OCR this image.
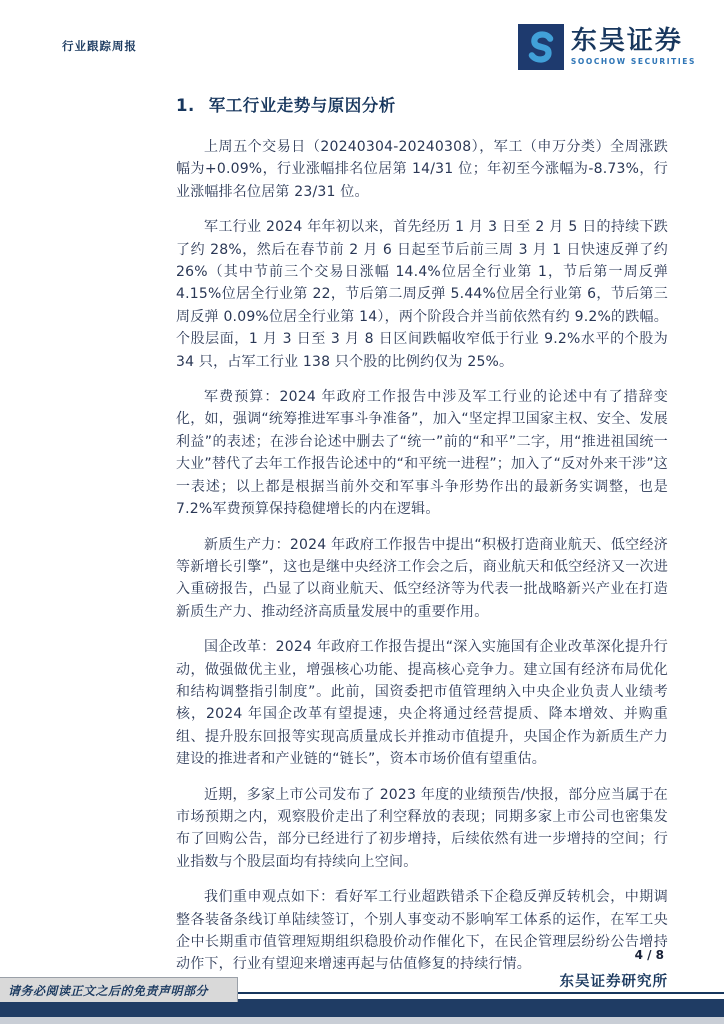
行业跟踪周报	东吴证券
SOOCHOW SECURITIES
1. 军工行业走势与原因分析

上周五个交易日（20240304-20240308），军工（申万分类）全周涨跌幅为+0.09%，行业涨幅排名位居第 14/31 位；年初至今涨幅为-8.73%，行业涨幅排名位居第 23/31 位。

军工行业 2024 年年初以来，首先经历 1 月 3 日至 2 月 5 日的持续下跌了约 28%，然后在春节前 2 月 6 日起至节后前三周 3 月 1 日快速反弹了约 26%（其中节前三个交易日涨幅 14.4%位居全行业第 1，节后第一周反弹 4.15%位居全行业第 22，节后第二周反弹 5.44%位居全行业第 6，节后第三周反弹 0.09%位居全行业第 14），两个阶段合并当前依然有约 9.2%的跌幅。个股层面，1 月 3 日至 3 月 8 日区间跌幅收窄低于行业 9.2%水平的个股为 34 只，占军工行业 138 只个股的比例约仅为 25%。

军费预算：2024 年政府工作报告中涉及军工行业的论述中有了措辞变化，如，强调“统筹推进军事斗争准备”，加入“坚定捍卫国家主权、安全、发展利益”的表述；在涉台论述中删去了“统一”前的“和平”二字，用“推进祖国统一大业”替代了去年工作报告论述中的“和平统一进程”；加入了“反对外来干涉”这一表述；以上都是根据当前外交和军事斗争形势作出的最新务实调整，也是 7.2%军费预算保持稳健增长的内在逻辑。

新质生产力：2024 年政府工作报告中提出“积极打造商业航天、低空经济等新增长引擎”，这也是继中央经济工作会之后，商业航天和低空经济又一次进入重磅报告，凸显了以商业航天、低空经济等为代表一批战略新兴产业在打造新质生产力、推动经济高质量发展中的重要作用。

国企改革：2024 年政府工作报告提出“深入实施国有企业改革深化提升行动，做强做优主业，增强核心功能、提高核心竞争力。建立国有经济布局优化和结构调整指引制度”。此前，国资委把市值管理纳入中央企业负责人业绩考核，2024 年国企改革有望提速，央企将通过经营提质、降本增效、并购重组、提升股东回报等实现高质量成长并推动市值提升，央国企作为新质生产力建设的推进者和产业链的“链长”，资本市场价值有望重估。

近期，多家上市公司发布了 2023 年度的业绩预告/快报，部分应当属于在市场预期之内，观察股价走出了利空释放的表现；同期多家上市公司也密集发布了回购公告，部分已经进行了初步增持，后续依然有进一步增持的空间；行业指数与个股层面均有持续向上空间。

我们重申观点如下：看好军工行业超跌错杀下企稳反弹反转机会，中期调整各装备条线订单陆续签订，个别人事变动不影响军工体系的运作，在军工央企中长期重市值管理短期组织稳股价动作催化下，在民企管理层纷纷公告增持动作下，行业有望迎来增速再起与估值修复的持续行情。

4 / 8
东吴证券研究所
请务必阅读正文之后的免责声明部分
